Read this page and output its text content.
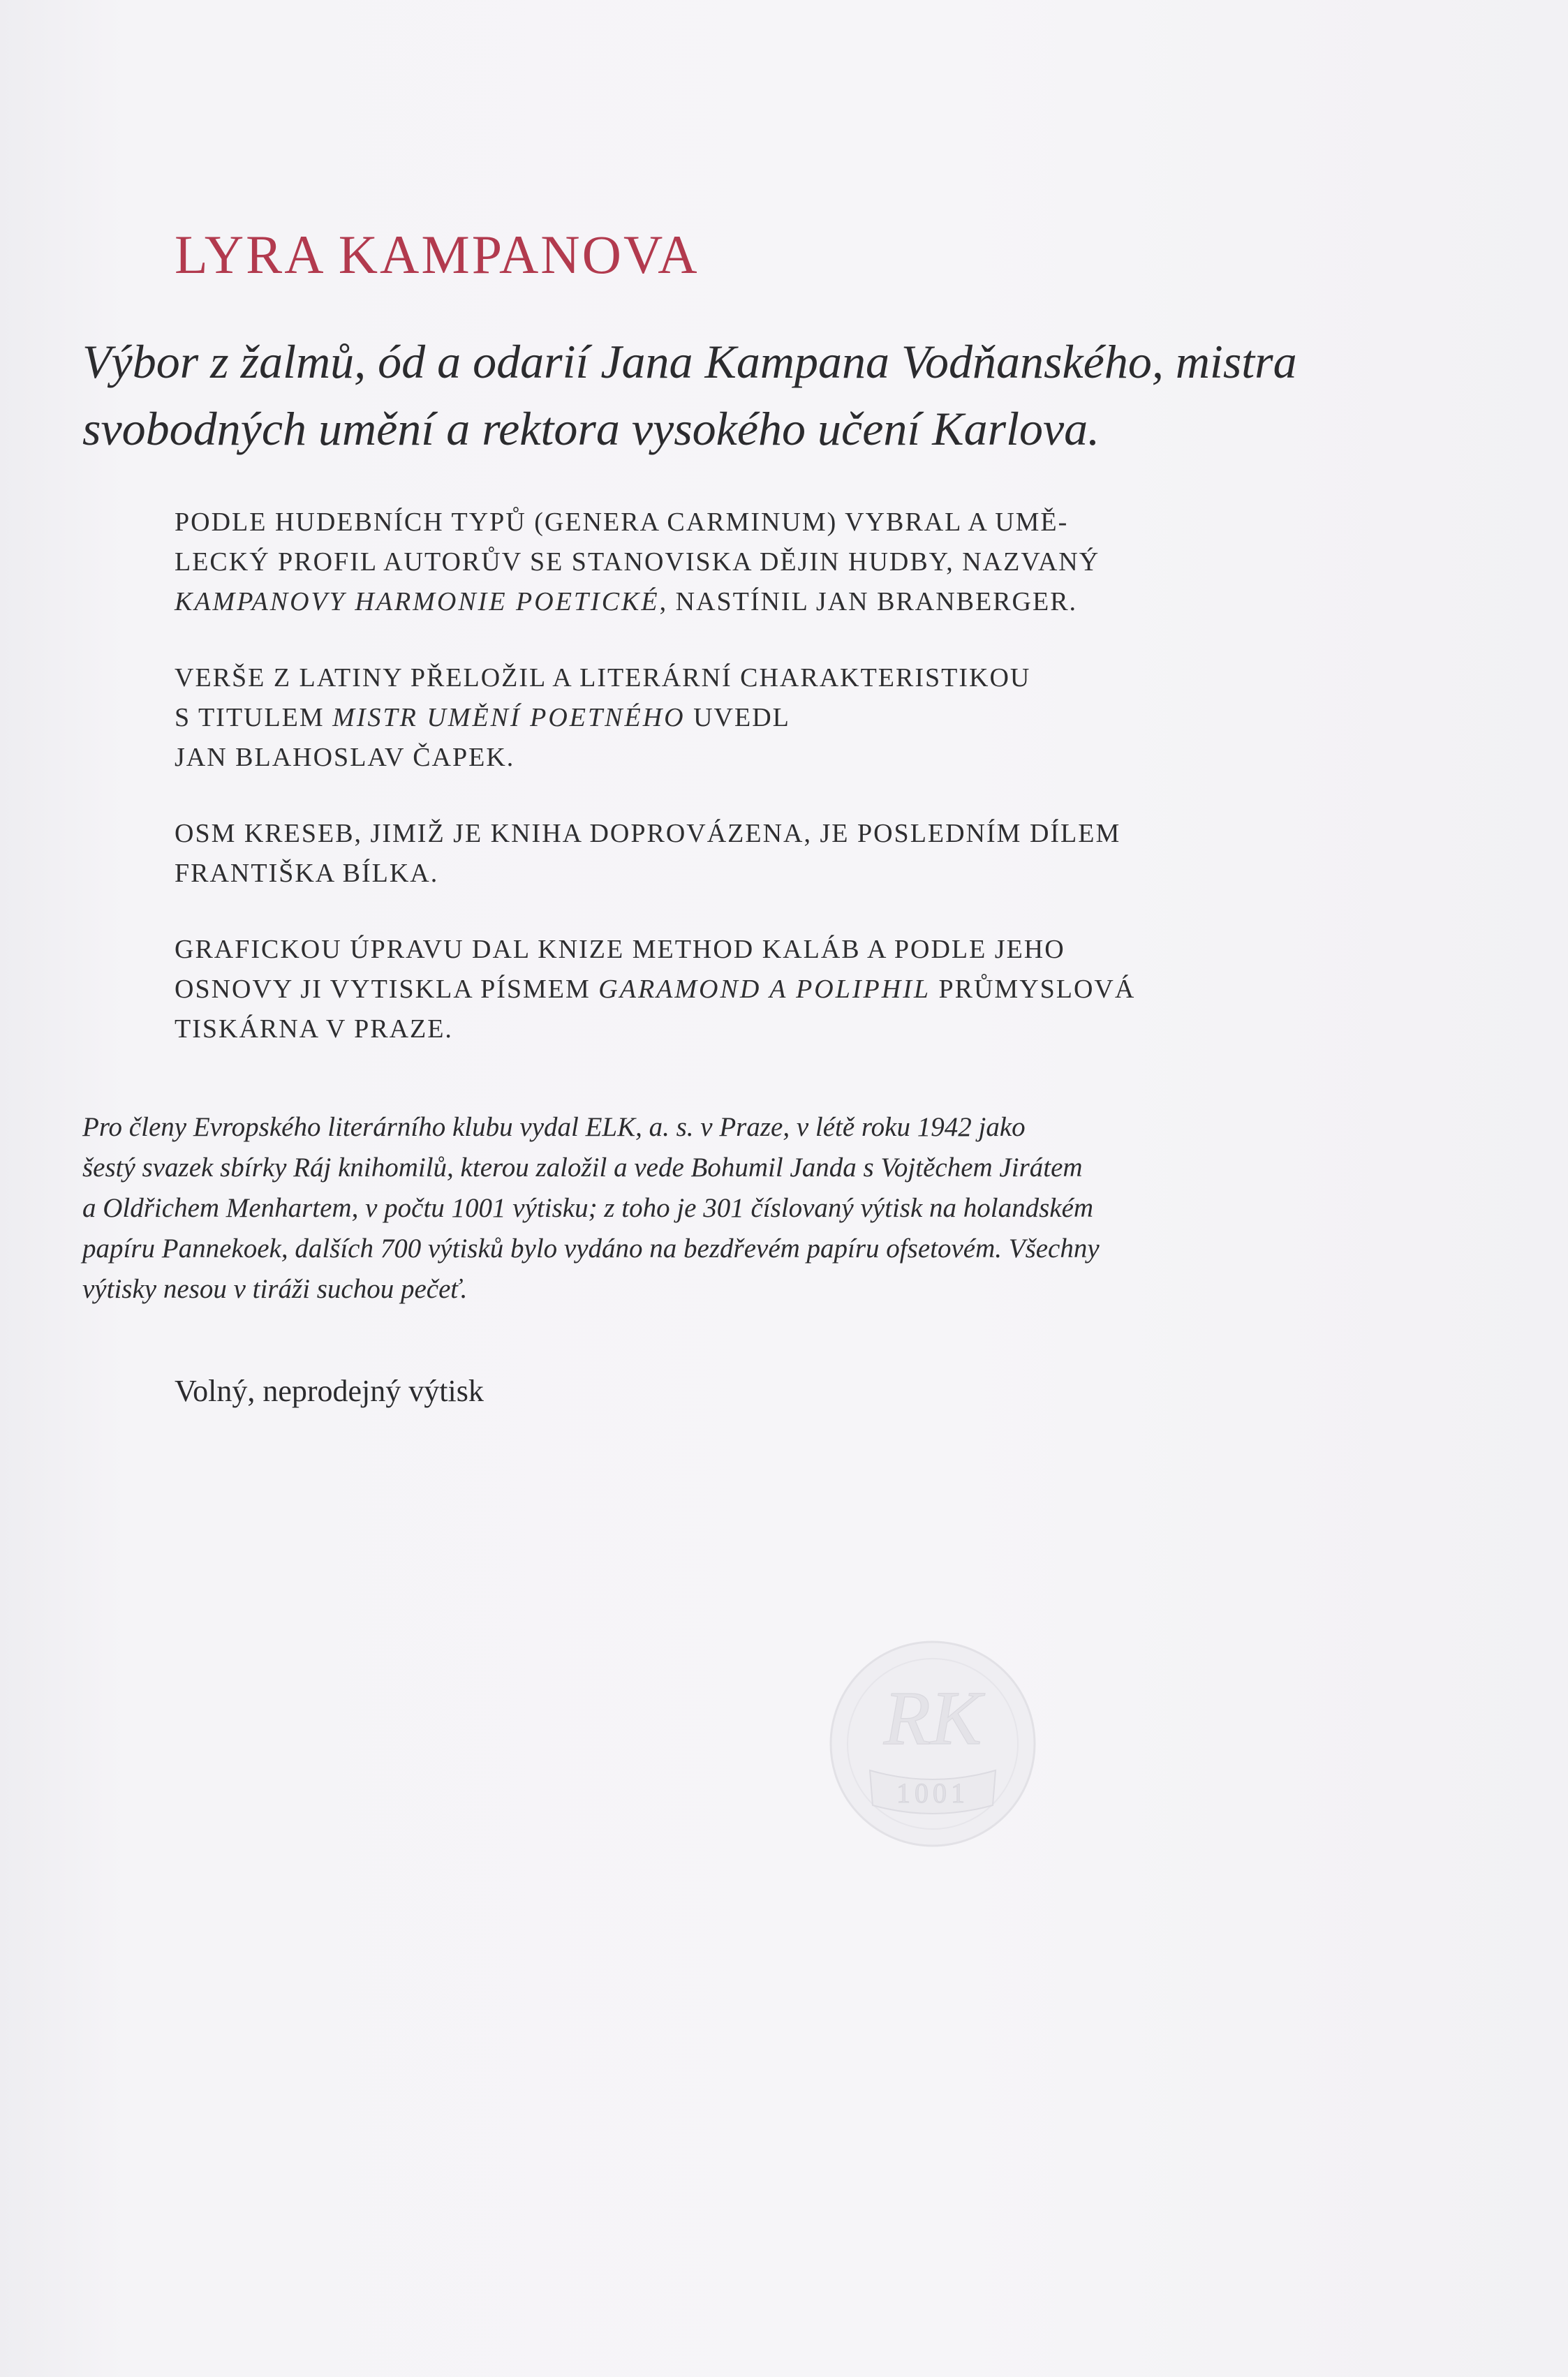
LYRA KAMPANOVA
Výbor z žalmů, ód a odarií Jana Kampana Vodňanského, mistra
svobodných umění a rektora vysokého učení Karlova.
PODLE HUDEBNÍCH TYPŮ (GENERA CARMINUM) VYBRAL A UMĚ-
LECKÝ PROFIL AUTORŮV SE STANOVISKA DĚJIN HUDBY, NAZVANÝ
KAMPANOVY HARMONIE POETICKÉ, NASTÍNIL JAN BRANBERGER.
VERŠE Z LATINY PŘELOŽIL A LITERÁRNÍ CHARAKTERISTIKOU
S TITULEM MISTR UMĚNÍ POETNÉHO UVEDL
JAN BLAHOSLAV ČAPEK.
OSM KRESEB, JIMIŽ JE KNIHA DOPROVÁZENA, JE POSLEDNÍM DÍLEM
FRANTIŠKA BÍLKA.
GRAFICKOU ÚPRAVU DAL KNIZE METHOD KALÁB A PODLE JEHO
OSNOVY JI VYTISKLA PÍSMEM GARAMOND A POLIPHIL PRŮMYSLOVÁ
TISKÁRNA V PRAZE.
Pro členy Evropského literárního klubu vydal ELK, a. s. v Praze, v létě roku 1942 jako
šestý svazek sbírky Ráj knihomilů, kterou založil a vede Bohumil Janda s Vojtěchem Jirátem
a Oldřichem Menhartem, v počtu 1001 výtisku; z toho je 301 číslovaný výtisk na holandském
papíru Pannekoek, dalších 700 výtisků bylo vydáno na bezdřevém papíru ofsetovém. Všechny
výtisky nesou v tiráži suchou pečeť.
Volný, neprodejný výtisk
RK
1001
